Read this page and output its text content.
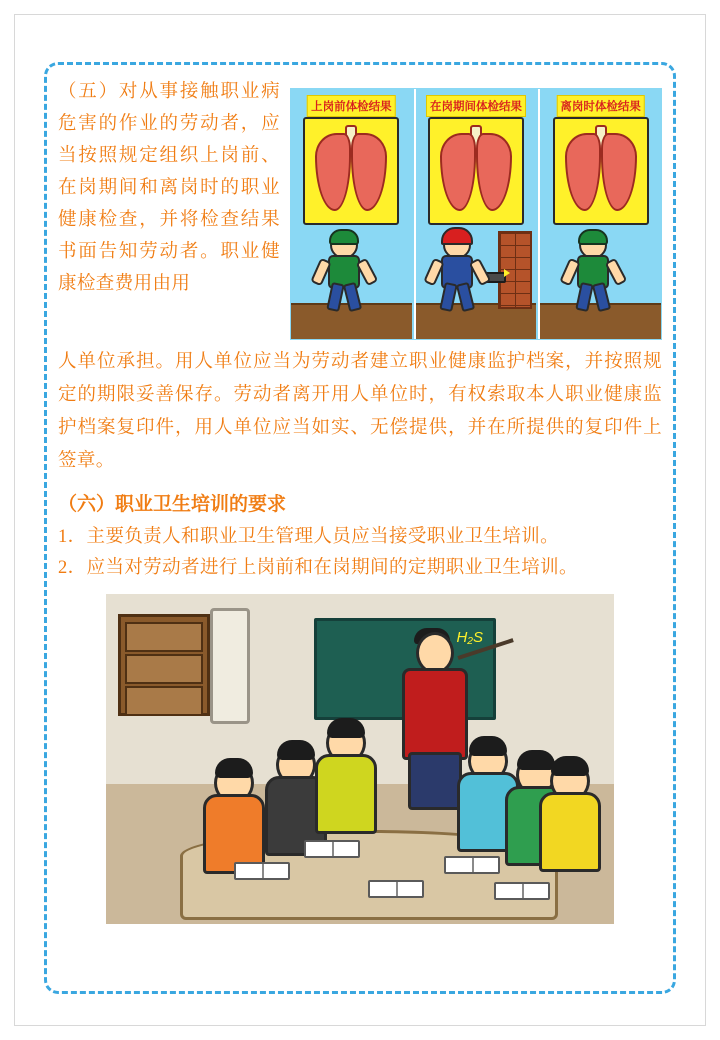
（五）对从事接触职业病危害的作业的劳动者，应当按照规定组织上岗前、在岗期间和离岗时的职业健康检查，并将检查结果书面告知劳动者。职业健康检查费用由用
上岗前体检结果	在岗期间体检结果	离岗时体检结果
人单位承担。用人单位应当为劳动者建立职业健康监护档案，并按照规定的期限妥善保存。劳动者离开用人单位时，有权索取本人职业健康监护档案复印件，用人单位应当如实、无偿提供，并在所提供的复印件上签章。
（六）职业卫生培训的要求
1．主要负责人和职业卫生管理人员应当接受职业卫生培训。
2．应当对劳动者进行上岗前和在岗期间的定期职业卫生培训。
H₂S
